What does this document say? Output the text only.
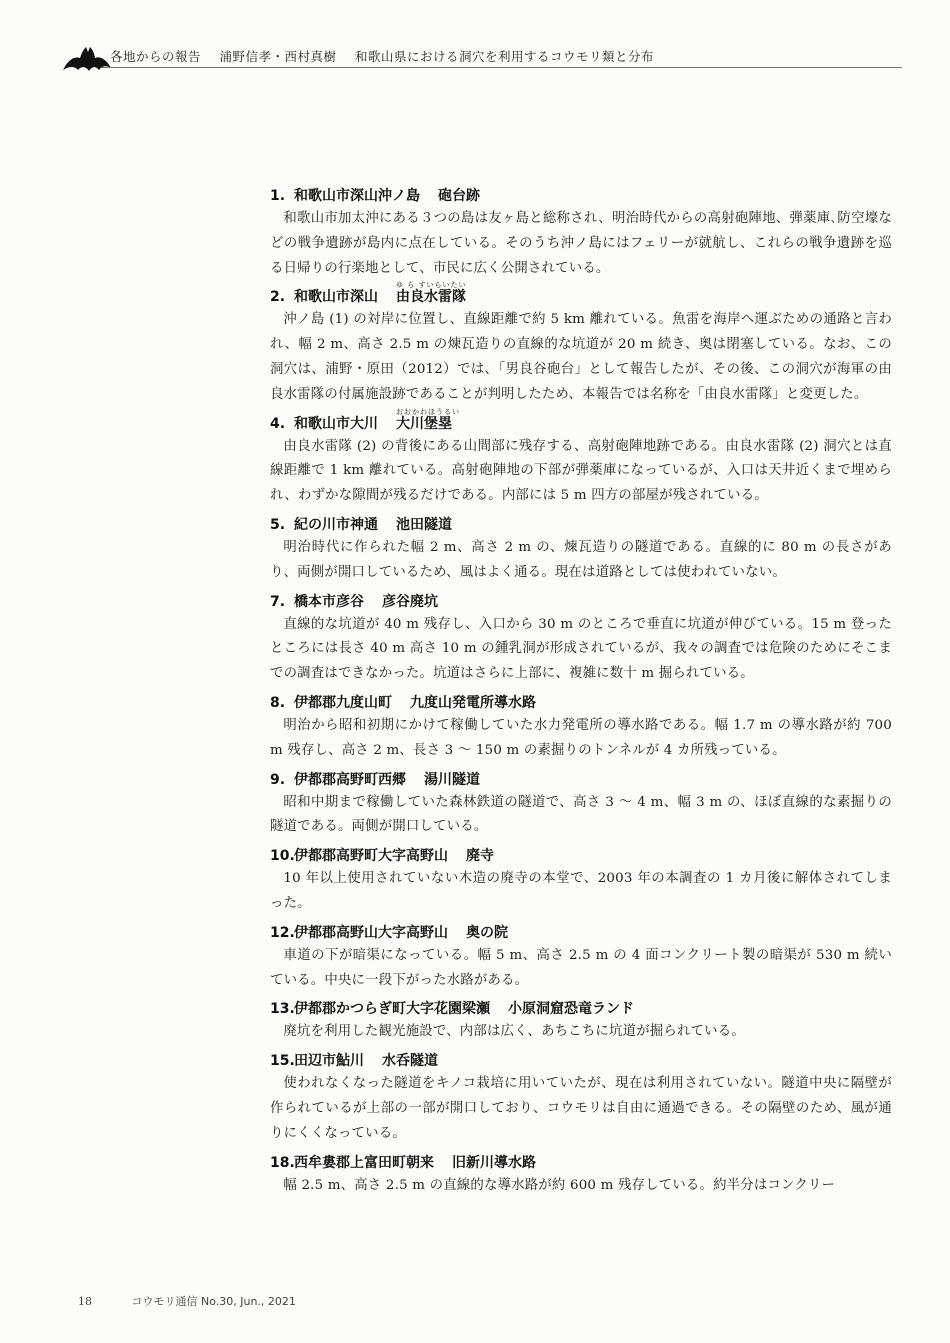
各地からの報告 浦野信孝・西村真樹 和歌山県における洞穴を利用するコウモリ類と分布
1. 和歌山市深山沖ノ島 砲台跡

和歌山市加太沖にある３つの島は友ヶ島と総称され、明治時代からの高射砲陣地、弾薬庫､防空壕などの戦争遺跡が島内に点在している。そのうち沖ノ島にはフェリーが就航し、これらの戦争遺跡を巡る日帰りの行楽地として、市民に広く公開されている。

2. 和歌山市深山
ゆ ら すいらいたい
由良水雷隊

沖ノ島 (1) の対岸に位置し、直線距離で約 5 km 離れている。魚雷を海岸へ運ぶための通路と言われ、幅 2 m、高さ 2.5 m の煉瓦造りの直線的な坑道が 20 m 続き、奥は閉塞している。なお、この洞穴は、浦野・原田（2012）では、「男良谷砲台」として報告したが、その後、この洞穴が海軍の由良水雷隊の付属施設跡であることが判明したため、本報告では名称を「由良水雷隊」と変更した。

4. 和歌山市大川
おおかわほうるい
大川堡塁

由良水雷隊 (2) の背後にある山間部に残存する、高射砲陣地跡である。由良水雷隊 (2) 洞穴とは直線距離で 1 km 離れている。高射砲陣地の下部が弾薬庫になっているが、入口は天井近くまで埋められ、わずかな隙間が残るだけである。内部には 5 m 四方の部屋が残されている。

5. 紀の川市神通 池田隧道

明治時代に作られた幅 2 m、高さ 2 m の、煉瓦造りの隧道である。直線的に 80 m の長さがあり、両側が開口しているため、風はよく通る。現在は道路としては使われていない。

7. 橋本市彦谷 彦谷廃坑

直線的な坑道が 40 m 残存し、入口から 30 m のところで垂直に坑道が伸びている。15 m 登ったところには長さ 40 m 高さ 10 m の鍾乳洞が形成されているが、我々の調査では危険のためにそこまでの調査はできなかった。坑道はさらに上部に、複雑に数十 m 掘られている。

8. 伊都郡九度山町 九度山発電所導水路

明治から昭和初期にかけて稼働していた水力発電所の導水路である。幅 1.7 m の導水路が約 700 m 残存し、高さ 2 m、長さ 3 ～ 150 m の素掘りのトンネルが 4 カ所残っている。

9. 伊都郡高野町西郷 湯川隧道

昭和中期まで稼働していた森林鉄道の隧道で、高さ 3 ～ 4 m、幅 3 m の、ほぼ直線的な素掘りの隧道である。両側が開口している。

10.伊都郡高野町大字高野山 廃寺

10 年以上使用されていない木造の廃寺の本堂で、2003 年の本調査の 1 カ月後に解体されてしまった。

12.伊都郡高野山大字高野山 奥の院

車道の下が暗渠になっている。幅 5 m、高さ 2.5 m の 4 面コンクリート製の暗渠が 530 m 続いている。中央に一段下がった水路がある。

13.伊都郡かつらぎ町大字花園梁瀬 小原洞窟恐竜ランド

廃坑を利用した観光施設で、内部は広く、あちこちに坑道が掘られている。

15.田辺市鮎川 水呑隧道

使われなくなった隧道をキノコ栽培に用いていたが、現在は利用されていない。隧道中央に隔壁が作られているが上部の一部が開口しており、コウモリは自由に通過できる。その隔壁のため、風が通りにくくなっている。

18.西牟婁郡上富田町朝来 旧新川導水路

幅 2.5 m、高さ 2.5 m の直線的な導水路が約 600 m 残存している。約半分はコンクリー

18	コウモリ通信 No.30, Jun., 2021
